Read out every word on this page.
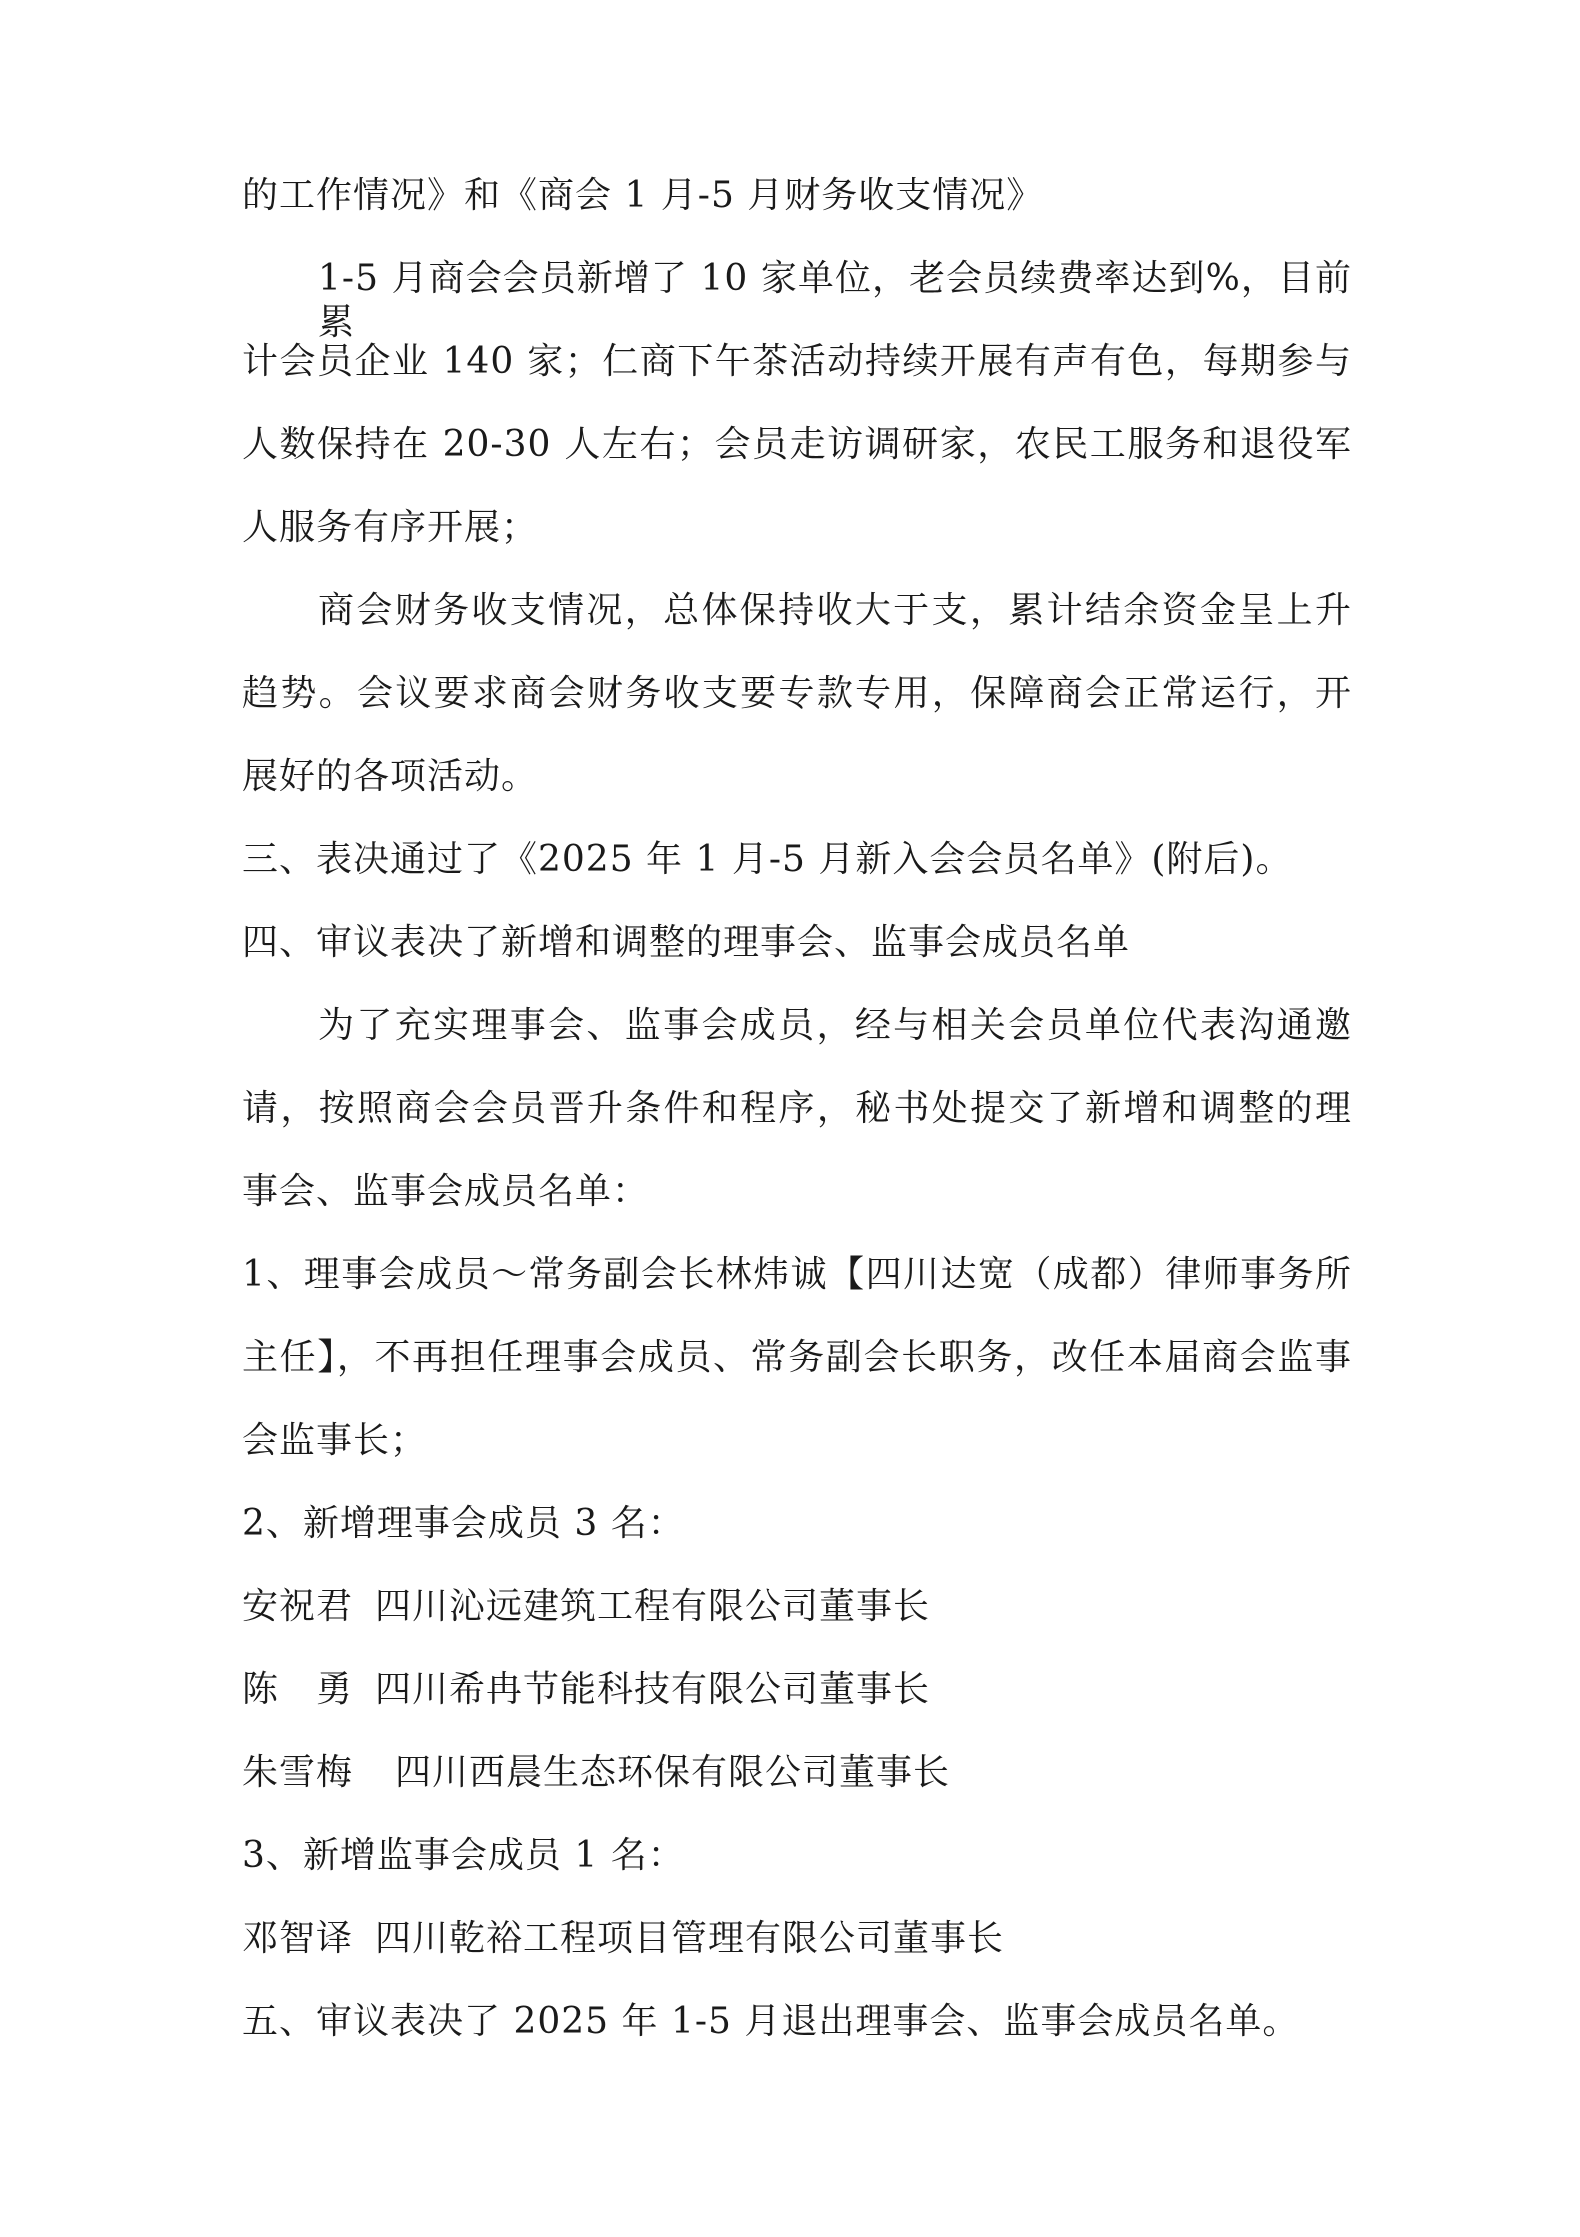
的工作情况》和《商会 1 月-5 月财务收支情况》
1-5 月商会会员新增了 10 家单位，老会员续费率达到%，目前累
计会员企业 140 家；仁商下午茶活动持续开展有声有色，每期参与
人数保持在 20-30 人左右；会员走访调研家，农民工服务和退役军
人服务有序开展；
商会财务收支情况，总体保持收大于支，累计结余资金呈上升
趋势。会议要求商会财务收支要专款专用，保障商会正常运行，开
展好的各项活动。
三、表决通过了《2025 年 1 月-5 月新入会会员名单》(附后)。
四、审议表决了新增和调整的理事会、监事会成员名单
为了充实理事会、监事会成员，经与相关会员单位代表沟通邀
请，按照商会会员晋升条件和程序，秘书处提交了新增和调整的理
事会、监事会成员名单：
1、理事会成员～常务副会长林炜诚【四川达宽（成都）律师事务所
主任】，不再担任理事会成员、常务副会长职务，改任本届商会监事
会监事长；
2、新增理事会成员 3 名：
安祝君 四川沁远建筑工程有限公司董事长
陈　勇 四川希冉节能科技有限公司董事长
朱雪梅 四川西晨生态环保有限公司董事长
3、新增监事会成员 1 名：
邓智译 四川乾裕工程项目管理有限公司董事长
五、审议表决了 2025 年 1-5 月退出理事会、监事会成员名单。
